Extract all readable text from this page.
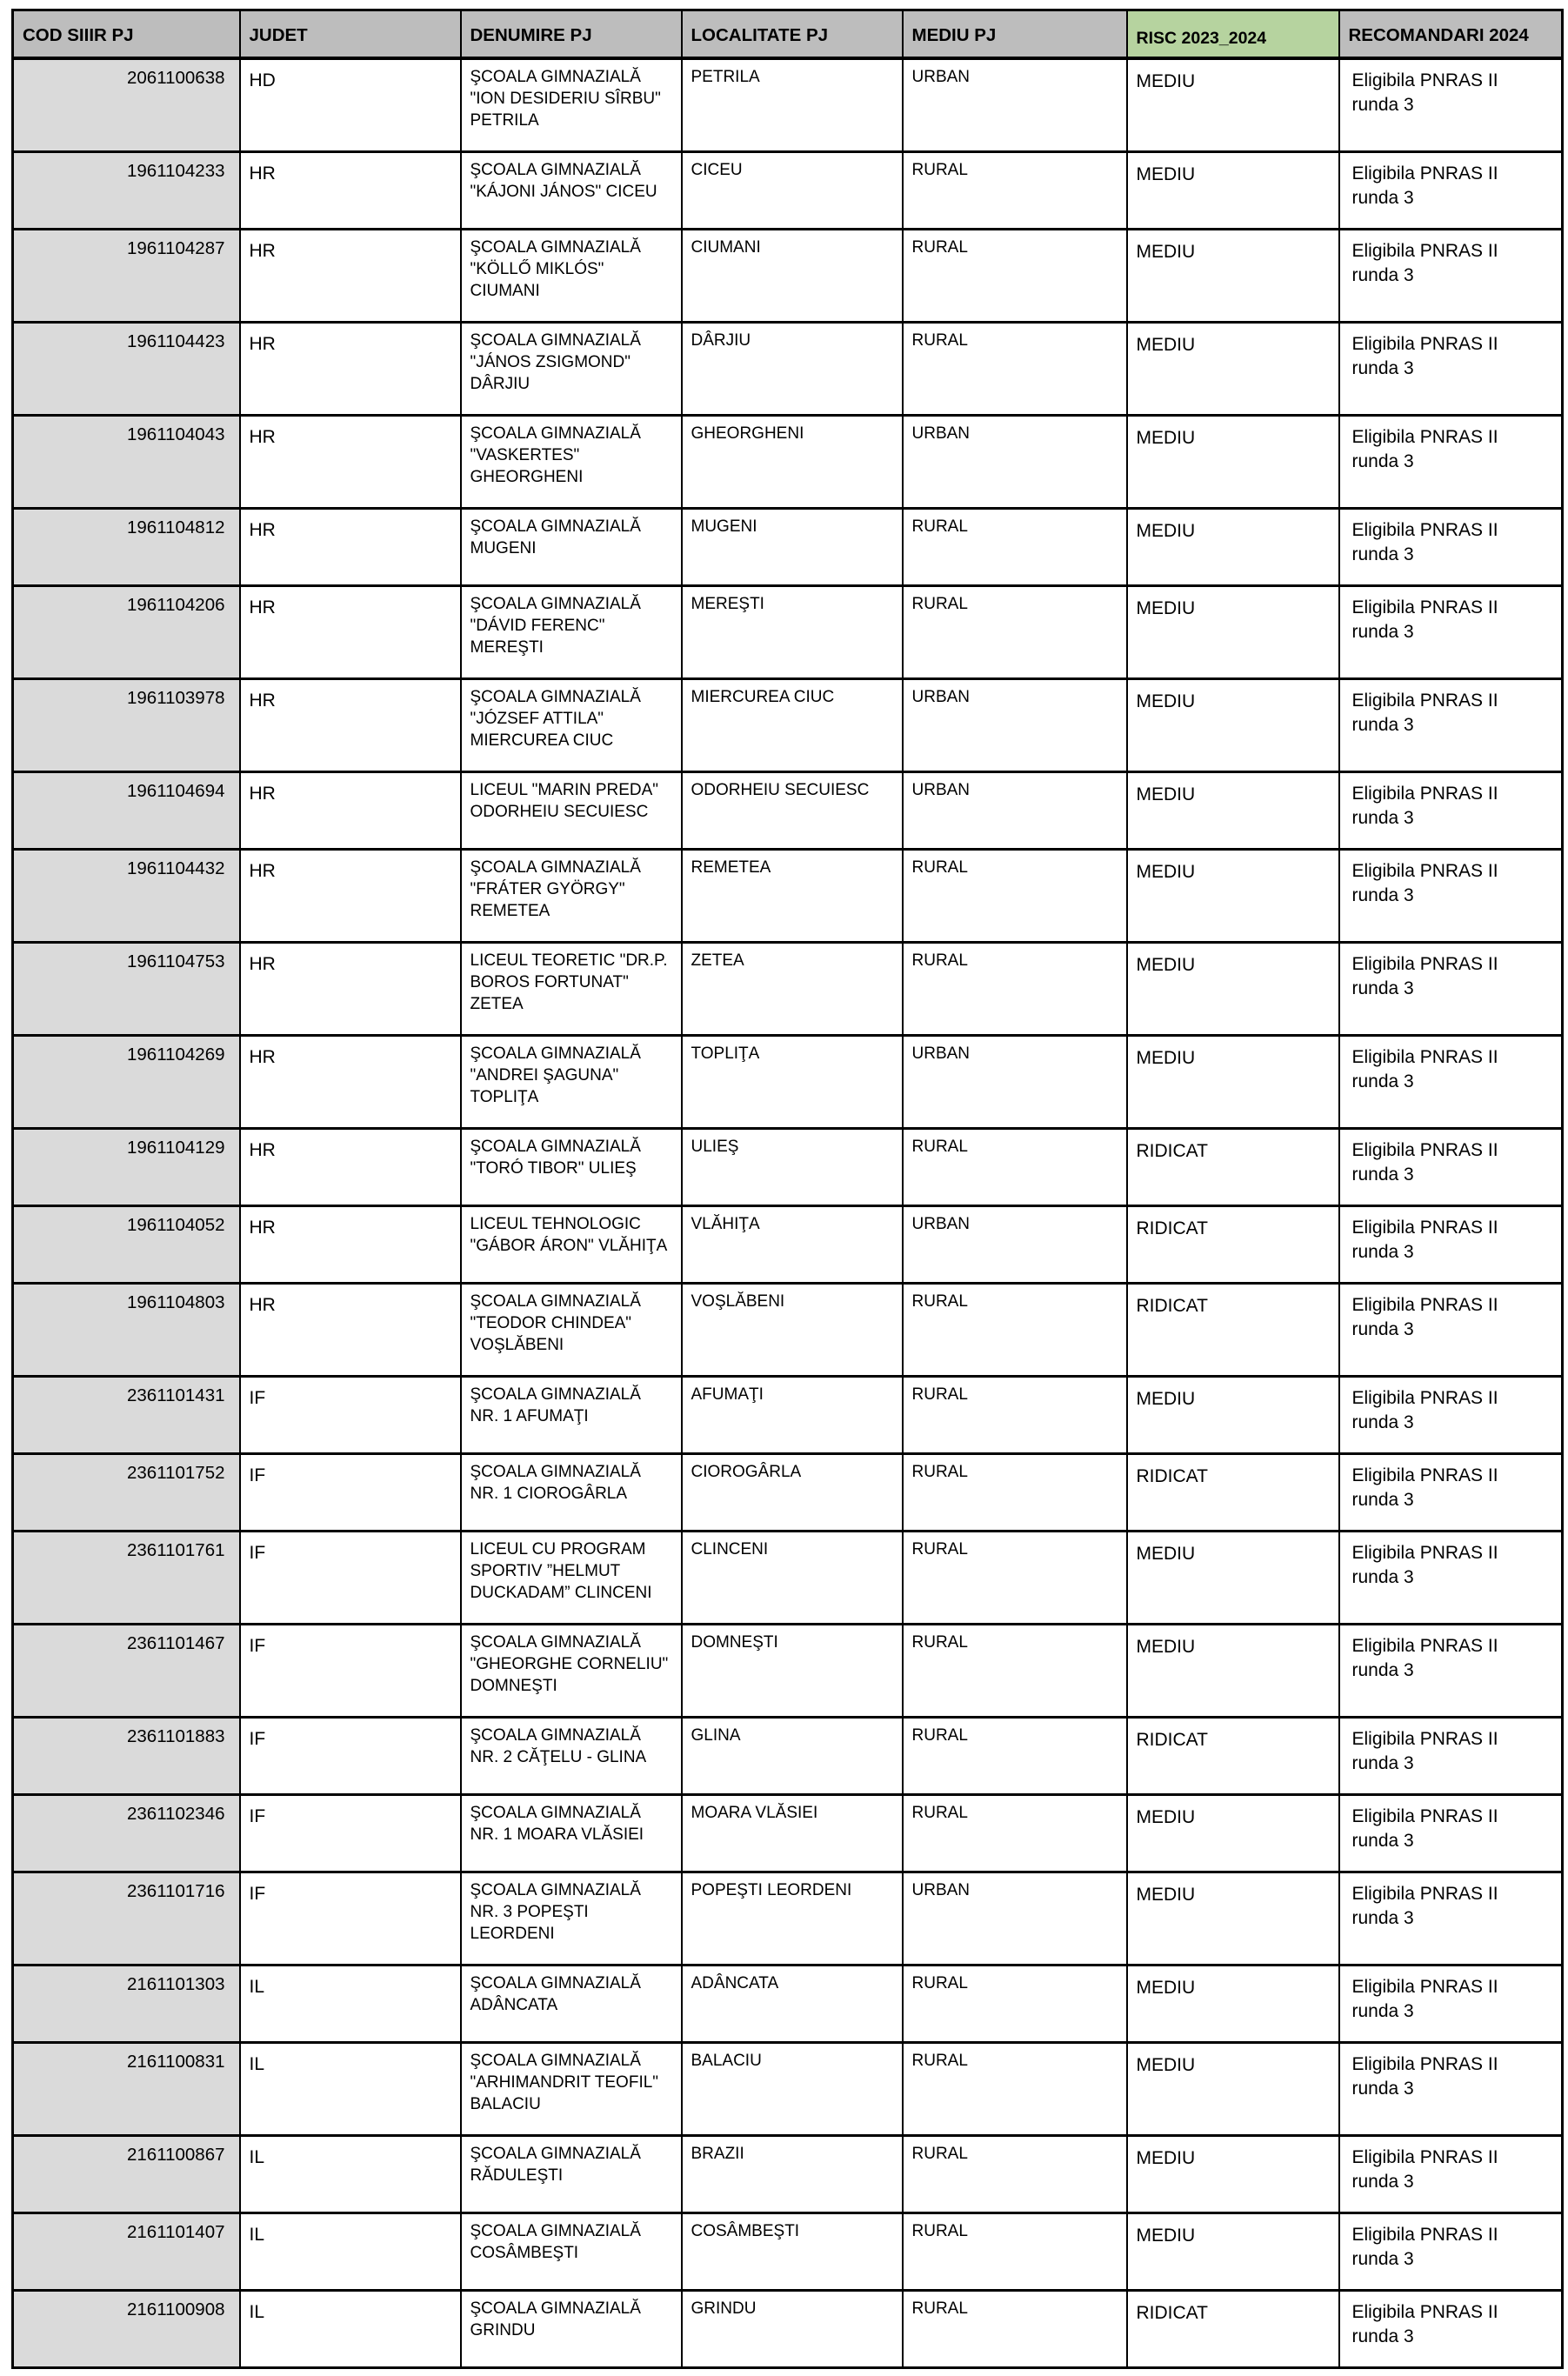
COD SIIIR PJ	JUDET	DENUMIRE PJ	LOCALITATE PJ	MEDIU PJ	RISC 2023_2024	RECOMANDARI 2024
2061100638	HD	ŞCOALA GIMNAZIALĂ "ION DESIDERIU SÎRBU" PETRILA	PETRILA	URBAN	MEDIU	Eligibila PNRAS II runda 3
1961104233	HR	ŞCOALA GIMNAZIALĂ "KÁJONI JÁNOS" CICEU	CICEU	RURAL	MEDIU	Eligibila PNRAS II runda 3
1961104287	HR	ŞCOALA GIMNAZIALĂ "KÖLLŐ MIKLÓS" CIUMANI	CIUMANI	RURAL	MEDIU	Eligibila PNRAS II runda 3
1961104423	HR	ŞCOALA GIMNAZIALĂ "JÁNOS ZSIGMOND" DÂRJIU	DÂRJIU	RURAL	MEDIU	Eligibila PNRAS II runda 3
1961104043	HR	ŞCOALA GIMNAZIALĂ "VASKERTES" GHEORGHENI	GHEORGHENI	URBAN	MEDIU	Eligibila PNRAS II runda 3
1961104812	HR	ŞCOALA GIMNAZIALĂ MUGENI	MUGENI	RURAL	MEDIU	Eligibila PNRAS II runda 3
1961104206	HR	ŞCOALA GIMNAZIALĂ "DÁVID FERENC" MEREŞTI	MEREŞTI	RURAL	MEDIU	Eligibila PNRAS II runda 3
1961103978	HR	ŞCOALA GIMNAZIALĂ "JÓZSEF ATTILA" MIERCUREA CIUC	MIERCUREA CIUC	URBAN	MEDIU	Eligibila PNRAS II runda 3
1961104694	HR	LICEUL "MARIN PREDA" ODORHEIU SECUIESC	ODORHEIU SECUIESC	URBAN	MEDIU	Eligibila PNRAS II runda 3
1961104432	HR	ŞCOALA GIMNAZIALĂ "FRÁTER GYÖRGY" REMETEA	REMETEA	RURAL	MEDIU	Eligibila PNRAS II runda 3
1961104753	HR	LICEUL TEORETIC "DR.P. BOROS FORTUNAT" ZETEA	ZETEA	RURAL	MEDIU	Eligibila PNRAS II runda 3
1961104269	HR	ŞCOALA GIMNAZIALĂ "ANDREI ŞAGUNA" TOPLIŢA	TOPLIŢA	URBAN	MEDIU	Eligibila PNRAS II runda 3
1961104129	HR	ŞCOALA GIMNAZIALĂ "TORÓ TIBOR" ULIEŞ	ULIEŞ	RURAL	RIDICAT	Eligibila PNRAS II runda 3
1961104052	HR	LICEUL TEHNOLOGIC "GÁBOR ÁRON" VLĂHIŢA	VLĂHIŢA	URBAN	RIDICAT	Eligibila PNRAS II runda 3
1961104803	HR	ŞCOALA GIMNAZIALĂ "TEODOR CHINDEA" VOŞLĂBENI	VOŞLĂBENI	RURAL	RIDICAT	Eligibila PNRAS II runda 3
2361101431	IF	ŞCOALA GIMNAZIALĂ NR. 1 AFUMAŢI	AFUMAŢI	RURAL	MEDIU	Eligibila PNRAS II runda 3
2361101752	IF	ŞCOALA GIMNAZIALĂ NR. 1 CIOROGÂRLA	CIOROGÂRLA	RURAL	RIDICAT	Eligibila PNRAS II runda 3
2361101761	IF	LICEUL CU PROGRAM SPORTIV ”HELMUT DUCKADAM” CLINCENI	CLINCENI	RURAL	MEDIU	Eligibila PNRAS II runda 3
2361101467	IF	ŞCOALA GIMNAZIALĂ "GHEORGHE CORNELIU" DOMNEŞTI	DOMNEŞTI	RURAL	MEDIU	Eligibila PNRAS II runda 3
2361101883	IF	ŞCOALA GIMNAZIALĂ NR. 2 CĂŢELU - GLINA	GLINA	RURAL	RIDICAT	Eligibila PNRAS II runda 3
2361102346	IF	ŞCOALA GIMNAZIALĂ NR. 1 MOARA VLĂSIEI	MOARA VLĂSIEI	RURAL	MEDIU	Eligibila PNRAS II runda 3
2361101716	IF	ŞCOALA GIMNAZIALĂ NR. 3 POPEŞTI LEORDENI	POPEŞTI LEORDENI	URBAN	MEDIU	Eligibila PNRAS II runda 3
2161101303	IL	ŞCOALA GIMNAZIALĂ ADÂNCATA	ADÂNCATA	RURAL	MEDIU	Eligibila PNRAS II runda 3
2161100831	IL	ŞCOALA GIMNAZIALĂ "ARHIMANDRIT TEOFIL" BALACIU	BALACIU	RURAL	MEDIU	Eligibila PNRAS II runda 3
2161100867	IL	ŞCOALA GIMNAZIALĂ RĂDULEŞTI	BRAZII	RURAL	MEDIU	Eligibila PNRAS II runda 3
2161101407	IL	ŞCOALA GIMNAZIALĂ COSÂMBEŞTI	COSÂMBEŞTI	RURAL	MEDIU	Eligibila PNRAS II runda 3
2161100908	IL	ŞCOALA GIMNAZIALĂ GRINDU	GRINDU	RURAL	RIDICAT	Eligibila PNRAS II runda 3
